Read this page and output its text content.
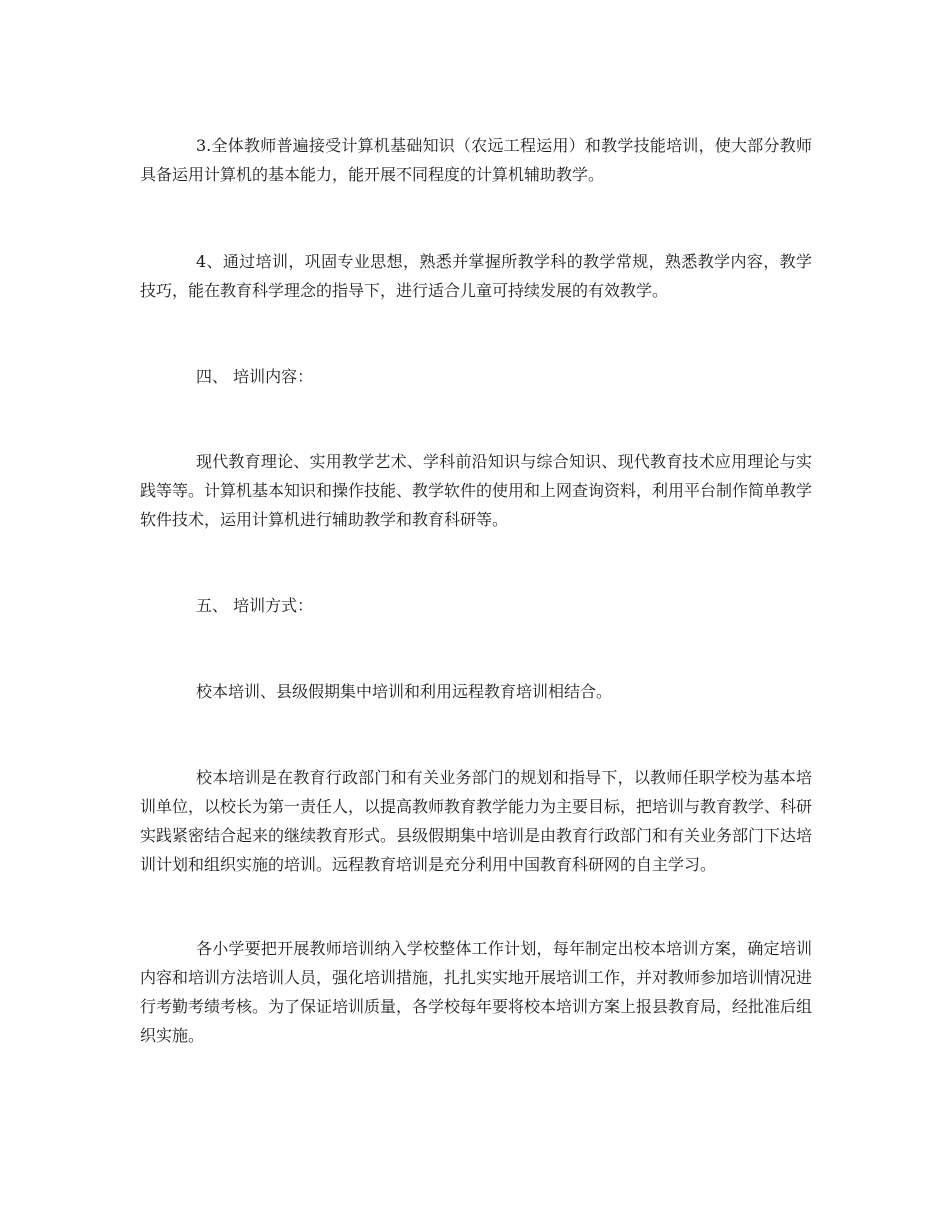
3.全体教师普遍接受计算机基础知识（农远工程运用）和教学技能培训，使大部分教师具备运用计算机的基本能力，能开展不同程度的计算机辅助教学。

4、通过培训，巩固专业思想，熟悉并掌握所教学科的教学常规，熟悉教学内容，教学技巧，能在教育科学理念的指导下，进行适合儿童可持续发展的有效教学。

四、 培训内容：

现代教育理论、实用教学艺术、学科前沿知识与综合知识、现代教育技术应用理论与实践等等。计算机基本知识和操作技能、教学软件的使用和上网查询资料，利用平台制作简单教学软件技术，运用计算机进行辅助教学和教育科研等。

五、 培训方式：

校本培训、县级假期集中培训和利用远程教育培训相结合。

校本培训是在教育行政部门和有关业务部门的规划和指导下，以教师任职学校为基本培训单位，以校长为第一责任人，以提高教师教育教学能力为主要目标，把培训与教育教学、科研实践紧密结合起来的继续教育形式。县级假期集中培训是由教育行政部门和有关业务部门下达培训计划和组织实施的培训。远程教育培训是充分利用中国教育科研网的自主学习。

各小学要把开展教师培训纳入学校整体工作计划，每年制定出校本培训方案，确定培训内容和培训方法培训人员，强化培训措施，扎扎实实地开展培训工作，并对教师参加培训情况进行考勤考绩考核。为了保证培训质量，各学校每年要将校本培训方案上报县教育局，经批准后组织实施。
